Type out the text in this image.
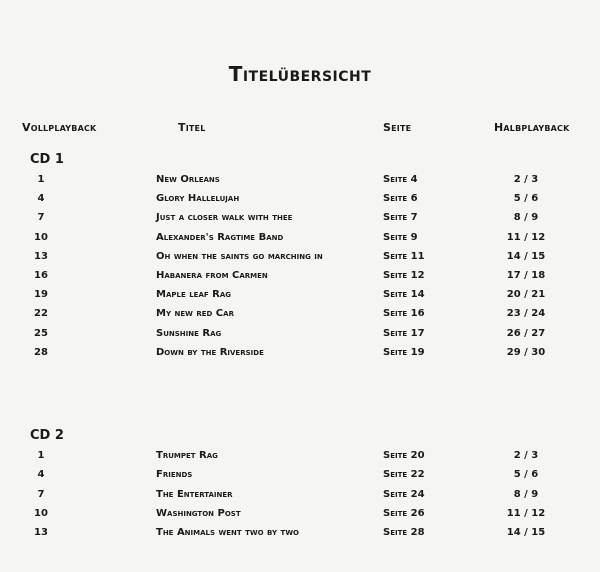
Titelübersicht
Vollplayback	Titel	Seite	Halbplayback
CD 1
1	New Orleans	Seite 4	2 / 3
4	Glory Hallelujah	Seite 6	5 / 6
7	Just a closer walk with thee	Seite 7	8 / 9
10	Alexander's Ragtime Band	Seite 9	11 / 12
13	Oh when the saints go marching in	Seite 11	14 / 15
16	Habanera from Carmen	Seite 12	17 / 18
19	Maple leaf Rag	Seite 14	20 / 21
22	My new red Car	Seite 16	23 / 24
25	Sunshine Rag	Seite 17	26 / 27
28	Down by the Riverside	Seite 19	29 / 30
CD 2
1	Trumpet Rag	Seite 20	2 / 3
4	Friends	Seite 22	5 / 6
7	The Entertainer	Seite 24	8 / 9
10	Washington Post	Seite 26	11 / 12
13	The Animals went two by two	Seite 28	14 / 15
